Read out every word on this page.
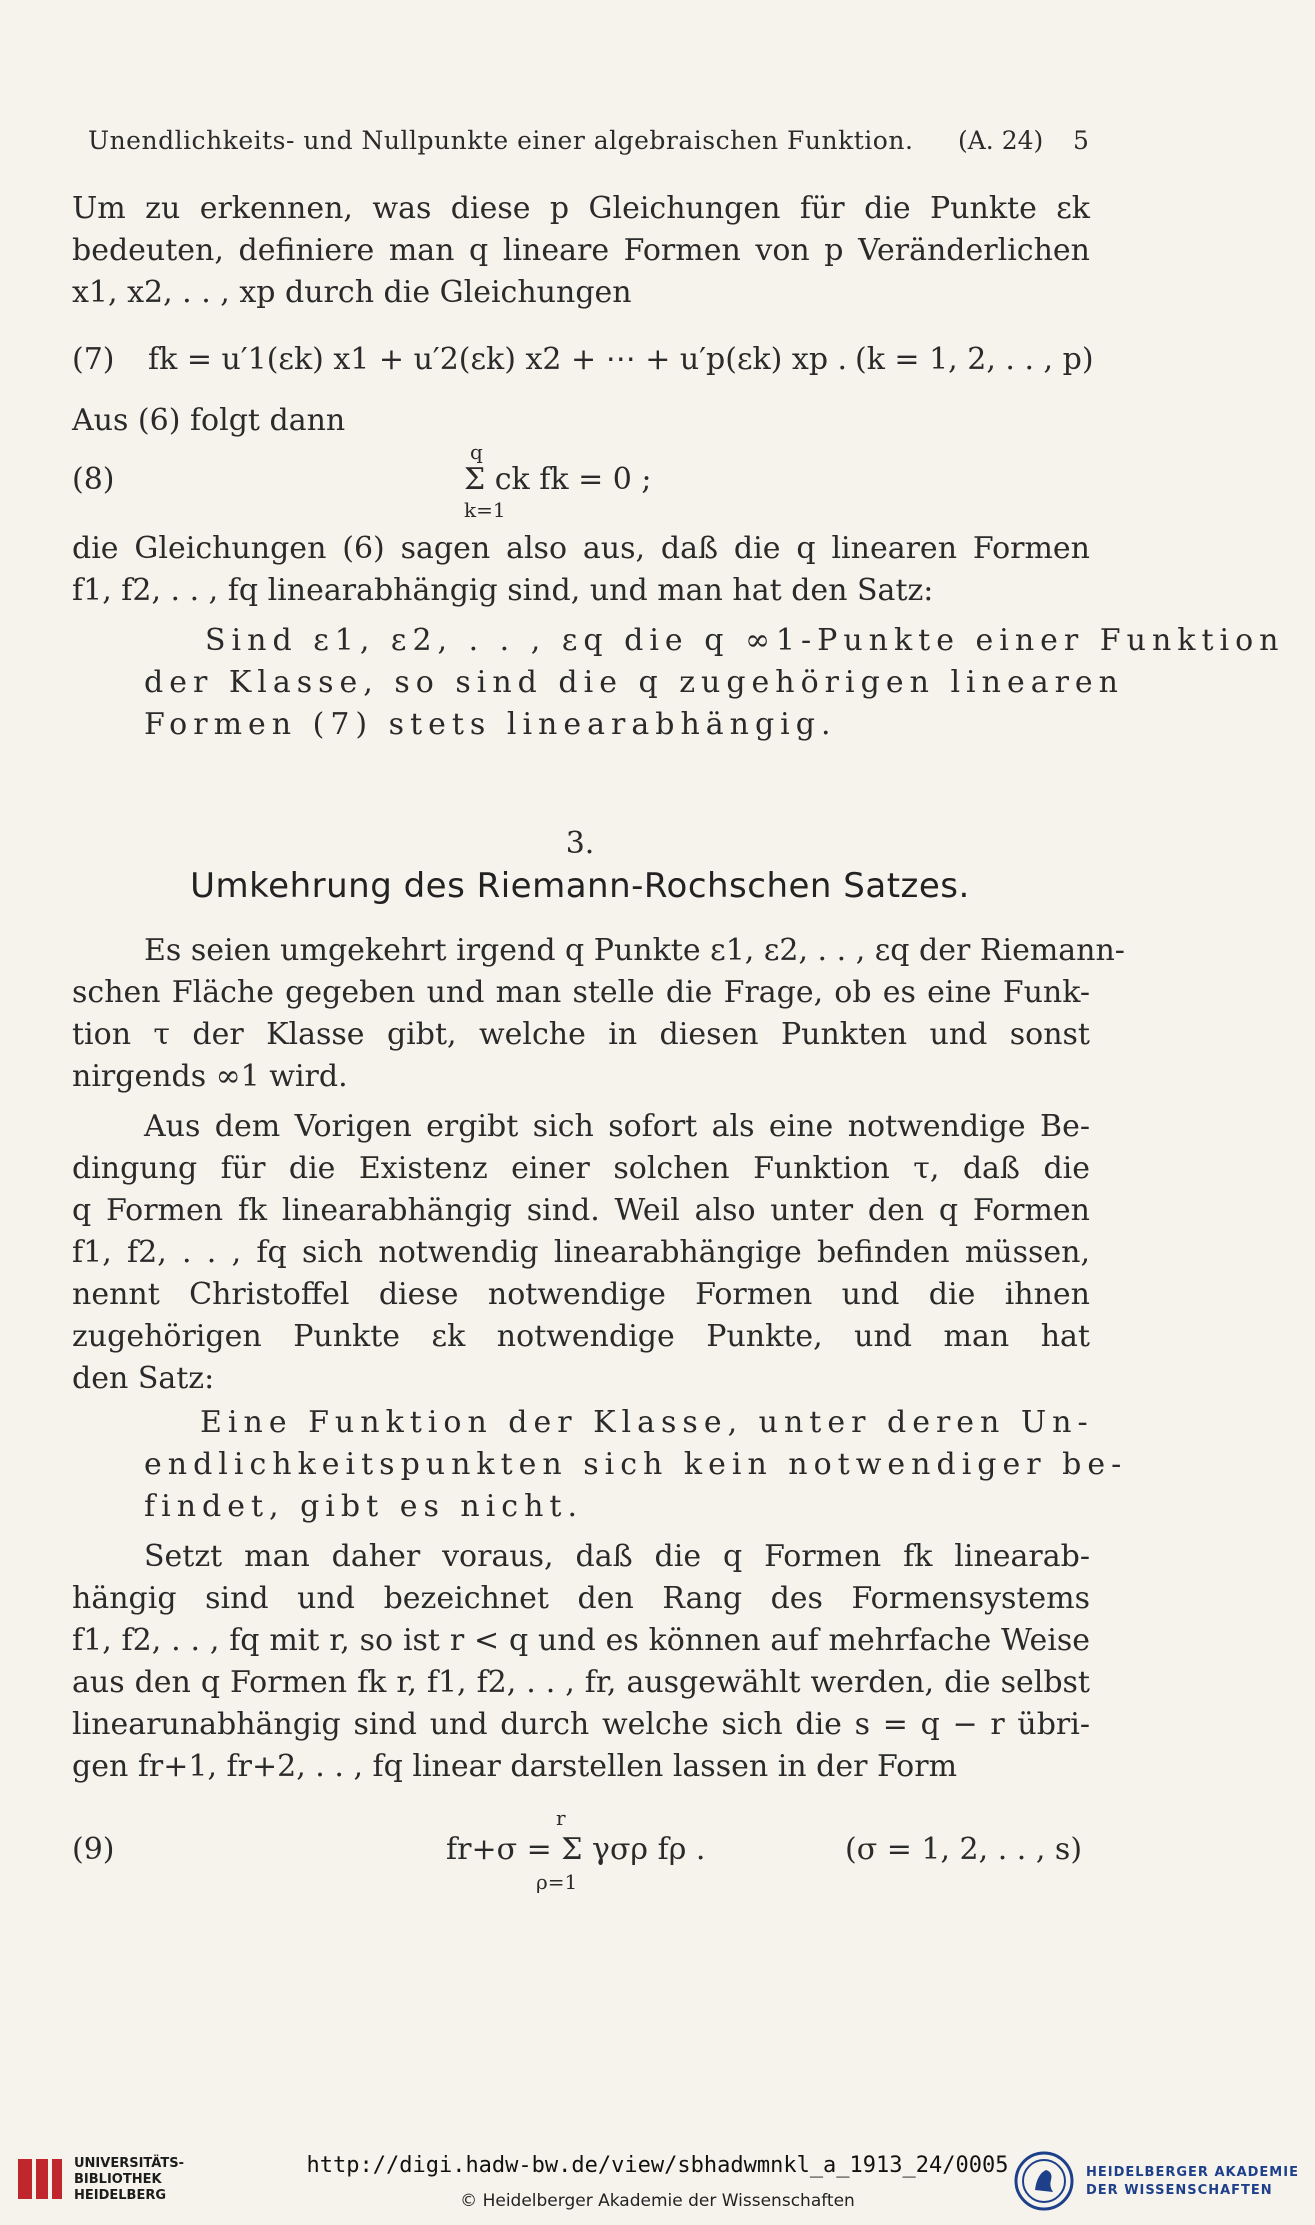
Unendlichkeits- und Nullpunkte einer algebraischen Funktion. (A. 24) 5
Um zu erkennen, was diese p Gleichungen für die Punkte εk
bedeuten, definiere man q lineare Formen von p Veränderlichen
x1, x2, . . , xp durch die Gleichungen
(7) fk = u′1(εk) x1 + u′2(εk) x2 + ⋯ + u′p(εk) xp . (k = 1, 2, . . , p)
Aus (6) folgt dann
(8)
q
Σ ck fk = 0 ;
k=1
die Gleichungen (6) sagen also aus, daß die q linearen Formen
f1, f2, . . , fq linearabhängig sind, und man hat den Satz:
Sind ε1, ε2, . . , εq die q ∞1-Punkte einer Funktion
der Klasse, so sind die q zugehörigen linearen
Formen (7) stets linearabhängig.
3.
Umkehrung des Riemann-Rochschen Satzes.
Es seien umgekehrt irgend q Punkte ε1, ε2, . . , εq der Riemann-
schen Fläche gegeben und man stelle die Frage, ob es eine Funk-
tion τ der Klasse gibt, welche in diesen Punkten und sonst
nirgends ∞1 wird.
Aus dem Vorigen ergibt sich sofort als eine notwendige Be-
dingung für die Existenz einer solchen Funktion τ, daß die
q Formen fk linearabhängig sind. Weil also unter den q Formen
f1, f2, . . , fq sich notwendig linearabhängige befinden müssen,
nennt Christoffel diese notwendige Formen und die ihnen
zugehörigen Punkte εk notwendige Punkte, und man hat
den Satz:
Eine Funktion der Klasse, unter deren Un-
endlichkeitspunkten sich kein notwendiger be-
findet, gibt es nicht.
Setzt man daher voraus, daß die q Formen fk linearab-
hängig sind und bezeichnet den Rang des Formensystems
f1, f2, . . , fq mit r, so ist r < q und es können auf mehrfache Weise
aus den q Formen fk r, f1, f2, . . , fr, ausgewählt werden, die selbst
linearunabhängig sind und durch welche sich die s = q − r übri-
gen fr+1, fr+2, . . , fq linear darstellen lassen in der Form
(9)
r
fr+σ = Σ γσρ fρ .
ρ=1
(σ = 1, 2, . . , s)
UNIVERSITÄTS-
BIBLIOTHEK
HEIDELBERG
http://digi.hadw-bw.de/view/sbhadwmnkl_a_1913_24/0005
© Heidelberger Akademie der Wissenschaften
HEIDELBERGER AKADEMIE
DER WISSENSCHAFTEN
